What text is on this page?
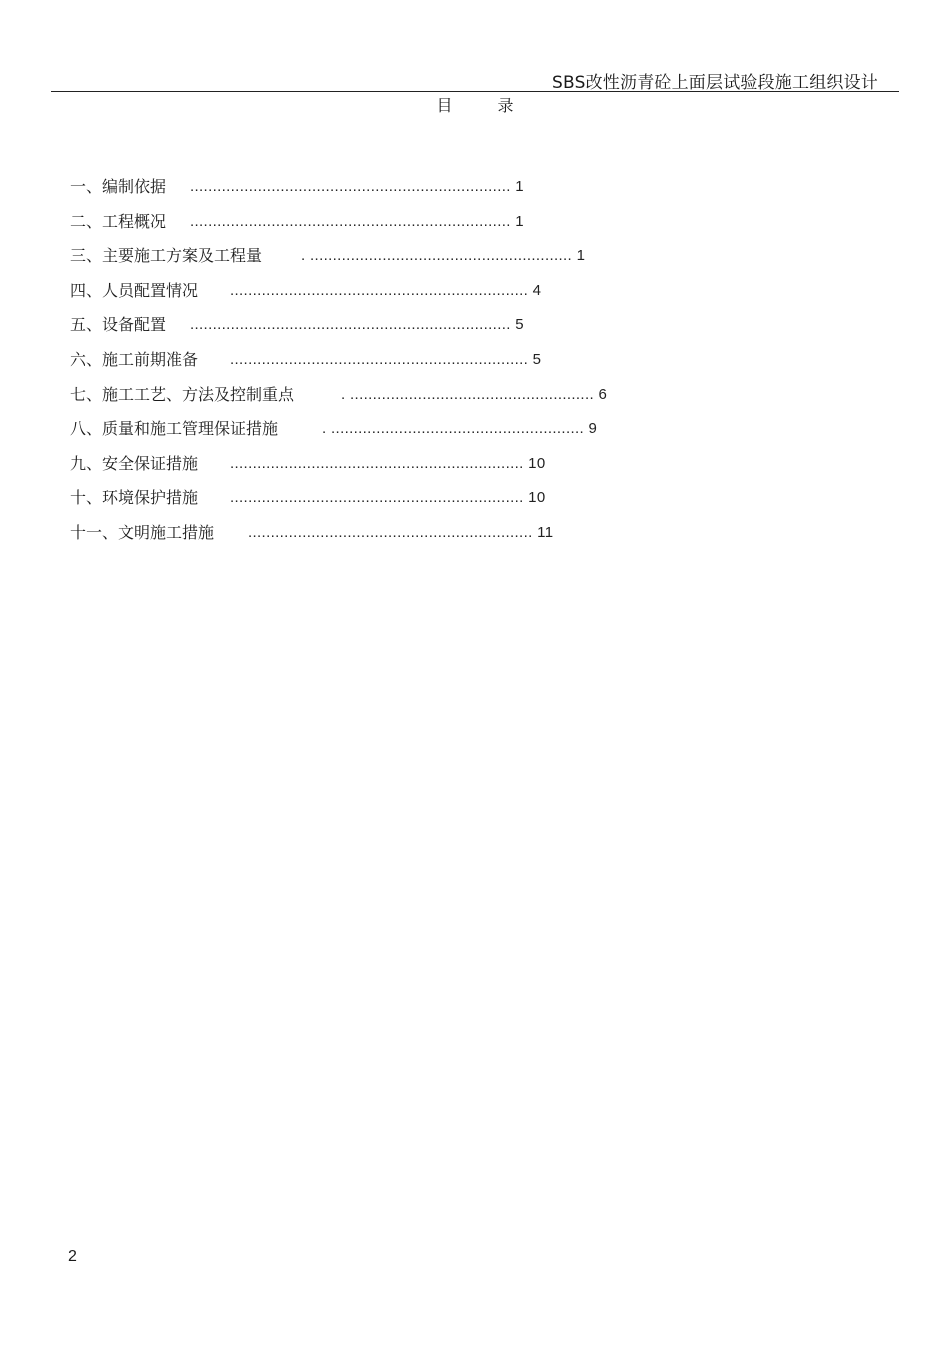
SBS改性沥青砼上面层试验段施工组织设计
目 录
一、编制依据 ....................................................................... 1
二、工程概况 ....................................................................... 1
三、主要施工方案及工程量	. .......................................................... 1
四、人员配置情况 .................................................................. 4
五、设备配置 ....................................................................... 5
六、施工前期准备 .................................................................. 5
七、施工工艺、方法及控制重点	. ...................................................... 6
八、质量和施工管理保证措施	. ........................................................ 9
九、安全保证措施 ................................................................. 10
十、环境保护措施 ................................................................. 10
十一、文明施工措施 ............................................................... 11
2
